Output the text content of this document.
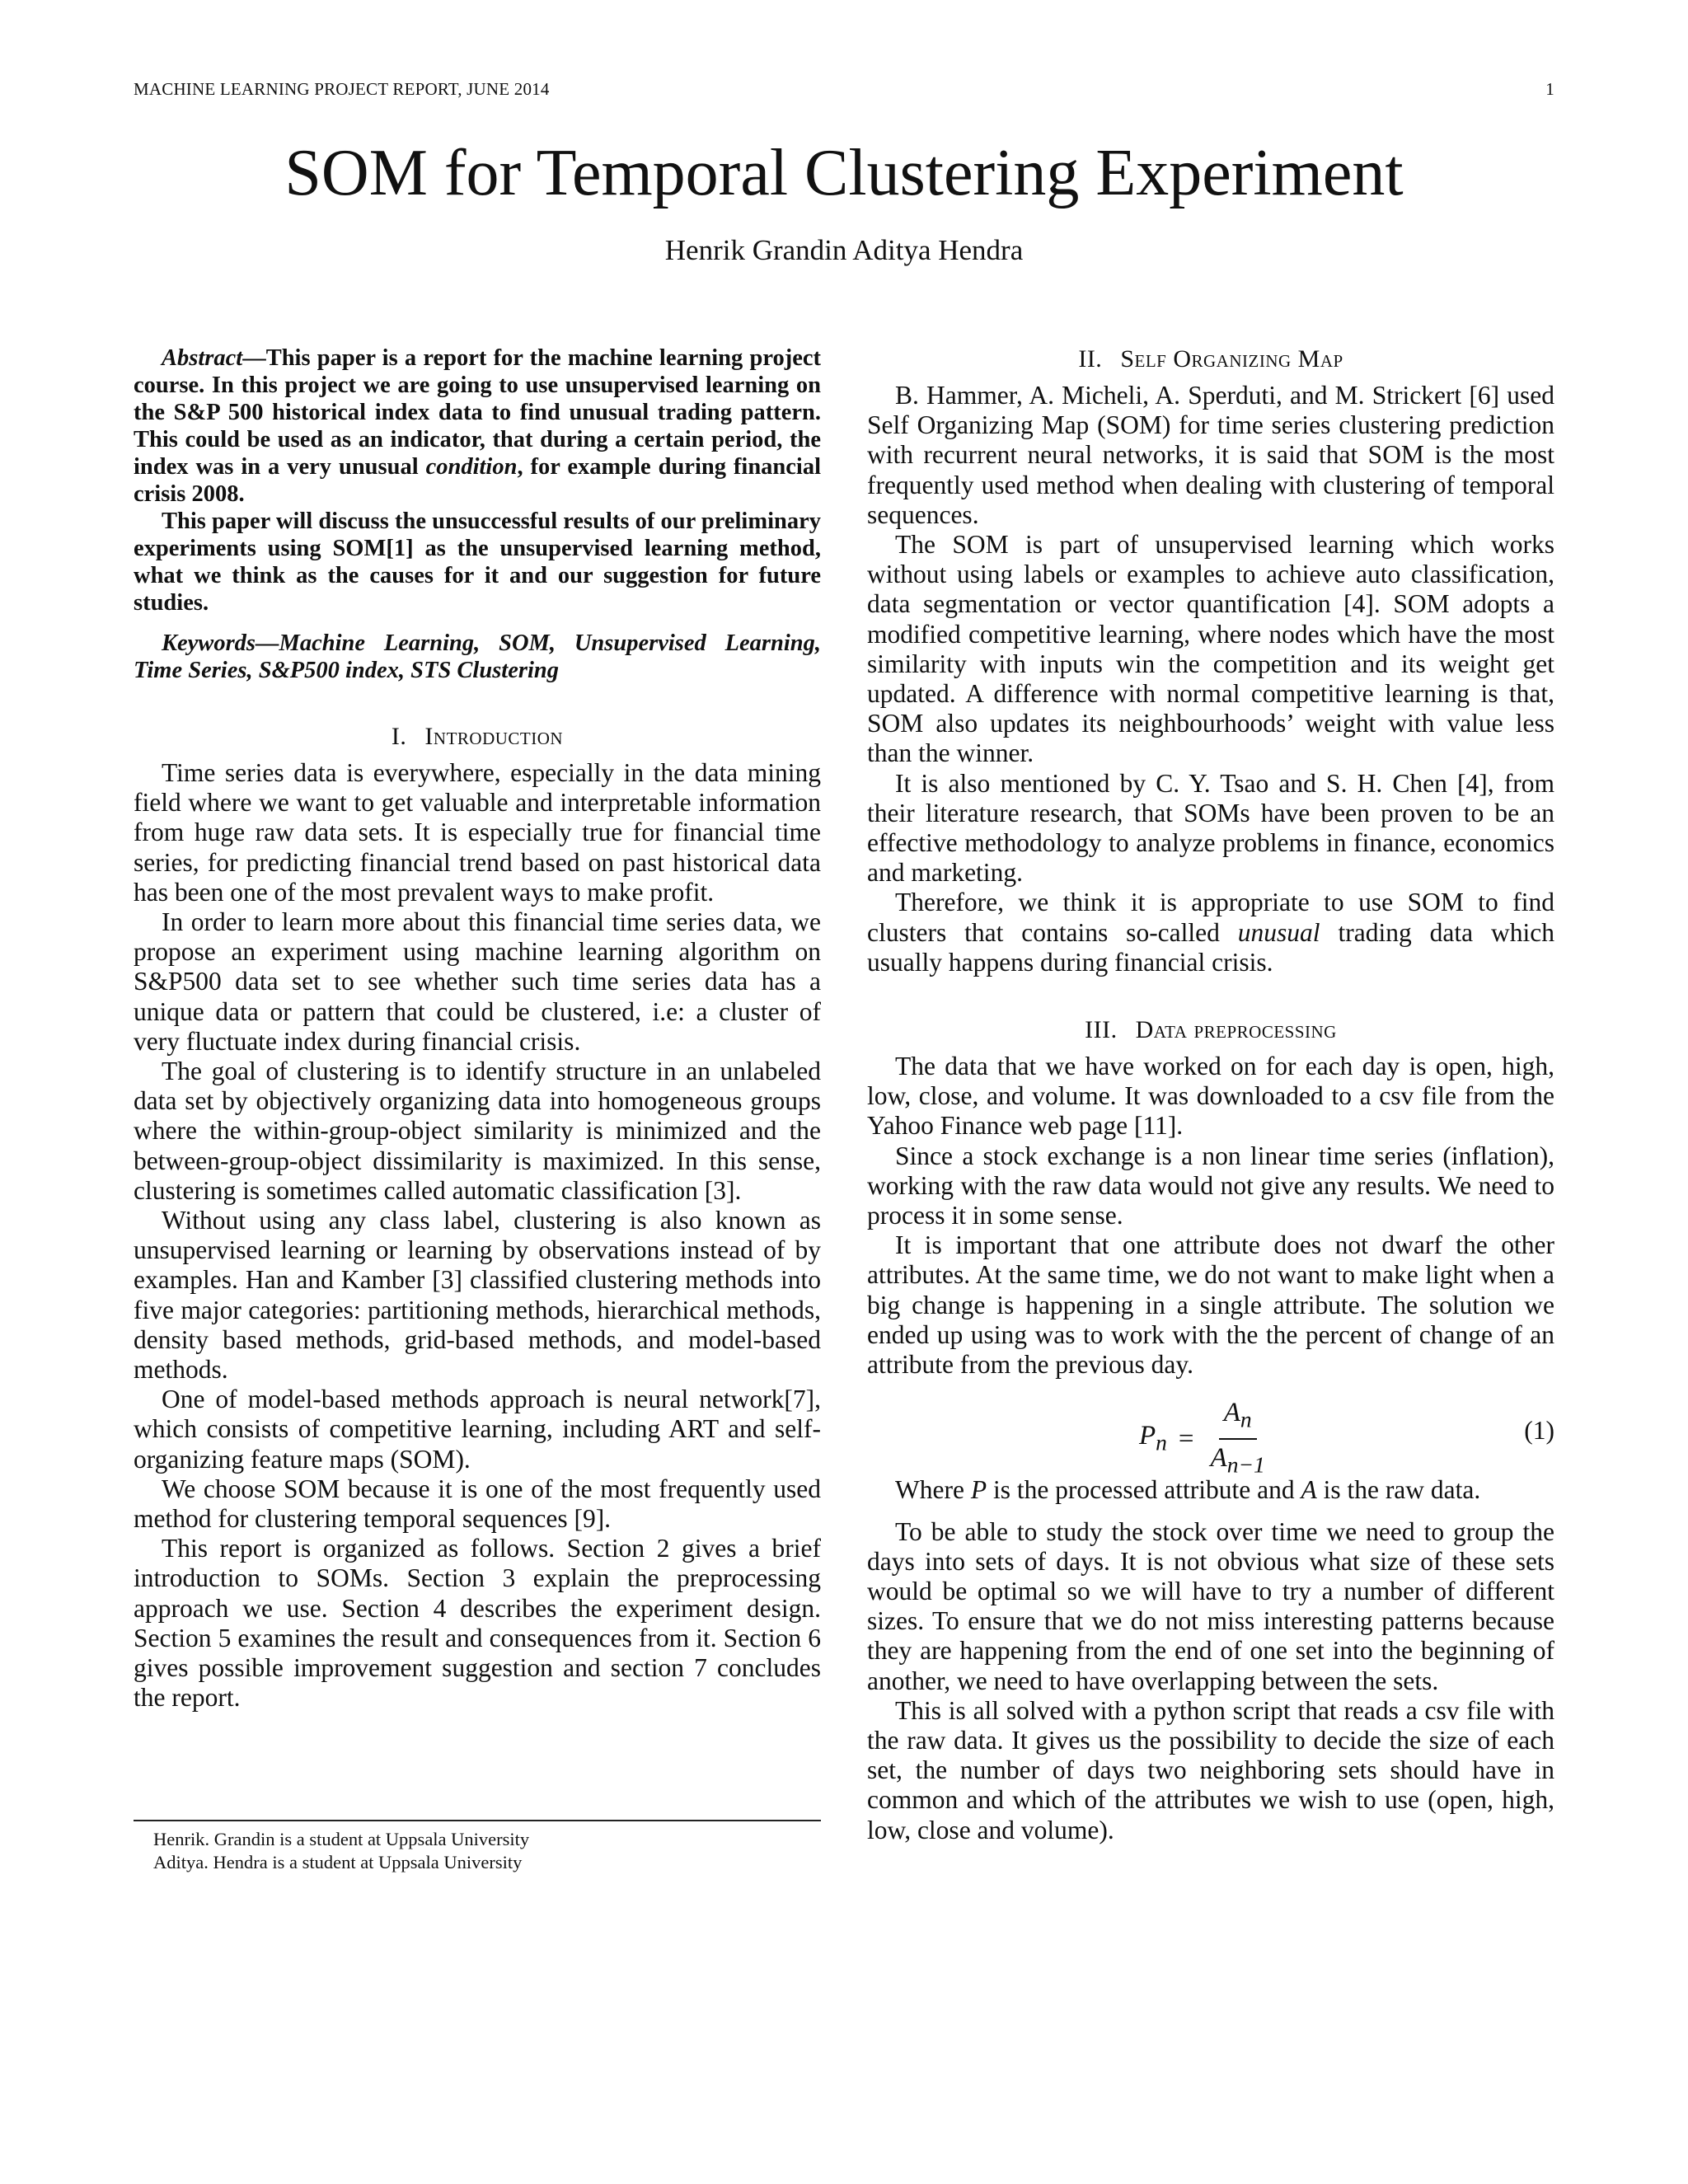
MACHINE LEARNING PROJECT REPORT, JUNE 2014	1
SOM for Temporal Clustering Experiment
Henrik Grandin Aditya Hendra

Abstract—This paper is a report for the machine learning project course. In this project we are going to use unsupervised learning on the S&P 500 historical index data to find unusual trading pattern. This could be used as an indicator, that during a certain period, the index was in a very unusual condition, for example during financial crisis 2008.

This paper will discuss the unsuccessful results of our preliminary experiments using SOM[1] as the unsupervised learning method, what we think as the causes for it and our suggestion for future studies.

Keywords—Machine Learning, SOM, Unsupervised Learning, Time Series, S&P500 index, STS Clustering

I. Introduction

Time series data is everywhere, especially in the data mining field where we want to get valuable and interpretable information from huge raw data sets. It is especially true for financial time series, for predicting financial trend based on past historical data has been one of the most prevalent ways to make profit.

In order to learn more about this financial time series data, we propose an experiment using machine learning algorithm on S&P500 data set to see whether such time series data has a unique data or pattern that could be clustered, i.e: a cluster of very fluctuate index during financial crisis.

The goal of clustering is to identify structure in an unlabeled data set by objectively organizing data into homogeneous groups where the within-group-object similarity is minimized and the between-group-object dissimilarity is maximized. In this sense, clustering is sometimes called automatic classification [3].

Without using any class label, clustering is also known as unsupervised learning or learning by observations instead of by examples. Han and Kamber [3] classified clustering methods into five major categories: partitioning methods, hierarchical methods, density based methods, grid-based methods, and model-based methods.

One of model-based methods approach is neural network[7], which consists of competitive learning, including ART and self-organizing feature maps (SOM).

We choose SOM because it is one of the most frequently used method for clustering temporal sequences [9].

This report is organized as follows. Section 2 gives a brief introduction to SOMs. Section 3 explain the preprocessing approach we use. Section 4 describes the experiment design. Section 5 examines the result and consequences from it. Section 6 gives possible improvement suggestion and section 7 concludes the report.

Henrik. Grandin is a student at Uppsala University
Aditya. Hendra is a student at Uppsala University
II. Self Organizing Map

B. Hammer, A. Micheli, A. Sperduti, and M. Strickert [6] used Self Organizing Map (SOM) for time series clustering prediction with recurrent neural networks, it is said that SOM is the most frequently used method when dealing with clustering of temporal sequences.

The SOM is part of unsupervised learning which works without using labels or examples to achieve auto classification, data segmentation or vector quantification [4]. SOM adopts a modified competitive learning, where nodes which have the most similarity with inputs win the competition and its weight get updated. A difference with normal competitive learning is that, SOM also updates its neighbourhoods’ weight with value less than the winner.

It is also mentioned by C. Y. Tsao and S. H. Chen [4], from their literature research, that SOMs have been proven to be an effective methodology to analyze problems in finance, economics and marketing.

Therefore, we think it is appropriate to use SOM to find clusters that contains so-called unusual trading data which usually happens during financial crisis.

III. Data preprocessing

The data that we have worked on for each day is open, high, low, close, and volume. It was downloaded to a csv file from the Yahoo Finance web page [11].

Since a stock exchange is a non linear time series (inflation), working with the raw data would not give any results. We need to process it in some sense.

It is important that one attribute does not dwarf the other attributes. At the same time, we do not want to make light when a big change is happening in a single attribute. The solution we ended up using was to work with the the percent of change of an attribute from the previous day.

$P_n = \frac{A_n}{A_{n-1}}$	(1)

Where P is the processed attribute and A is the raw data.

To be able to study the stock over time we need to group the days into sets of days. It is not obvious what size of these sets would be optimal so we will have to try a number of different sizes. To ensure that we do not miss interesting patterns because they are happening from the end of one set into the beginning of another, we need to have overlapping between the sets.

This is all solved with a python script that reads a csv file with the raw data. It gives us the possibility to decide the size of each set, the number of days two neighboring sets should have in common and which of the attributes we wish to use (open, high, low, close and volume).
